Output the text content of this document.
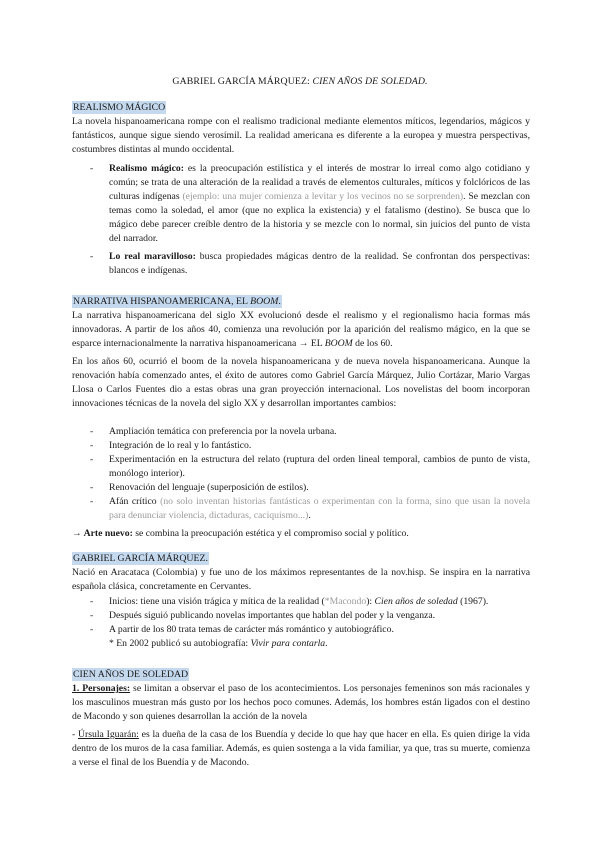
GABRIEL GARCÍA MÁRQUEZ: CIEN AÑOS DE SOLEDAD.
REALISMO MÁGICO
La novela hispanoamericana rompe con el realismo tradicional mediante elementos míticos, legendarios, mágicos y fantásticos, aunque sigue siendo verosímil. La realidad americana es diferente a la europea y muestra perspectivas, costumbres distintas al mundo occidental.
- Realismo mágico: es la preocupación estilística y el interés de mostrar lo irreal como algo cotidiano y común; se trata de una alteración de la realidad a través de elementos culturales, míticos y folclóricos de las culturas indígenas (ejemplo: una mujer comienza a levitar y los vecinos no se sorprenden). Se mezclan con temas como la soledad, el amor (que no explica la existencia) y el fatalismo (destino). Se busca que lo mágico debe parecer creíble dentro de la historia y se mezcle con lo normal, sin juicios del punto de vista del narrador.
- Lo real maravilloso: busca propiedades mágicas dentro de la realidad. Se confrontan dos perspectivas: blancos e indígenas.
NARRATIVA HISPANOAMERICANA, EL BOOM.
La narrativa hispanoamericana del siglo XX evolucionó desde el realismo y el regionalismo hacia formas más innovadoras. A partir de los años 40, comienza una revolución por la aparición del realismo mágico, en la que se esparce internacionalmente la narrativa hispanoamericana → EL BOOM de los 60.
En los años 60, ocurrió el boom de la novela hispanoamericana y de nueva novela hispanoamericana. Aunque la renovación había comenzado antes, el éxito de autores como Gabriel García Márquez, Julio Cortázar, Mario Vargas Llosa o Carlos Fuentes dio a estas obras una gran proyección internacional. Los novelistas del boom incorporan innovaciones técnicas de la novela del siglo XX y desarrollan importantes cambios:
- Ampliación temática con preferencia por la novela urbana.
- Integración de lo real y lo fantástico.
- Experimentación en la estructura del relato (ruptura del orden lineal temporal, cambios de punto de vista, monólogo interior).
- Renovación del lenguaje (superposición de estilos).
- Afán crítico (no solo inventan historias fantásticas o experimentan con la forma, sino que usan la novela para denunciar violencia, dictaduras, caciquismo...).
→ Arte nuevo: se combina la preocupación estética y el compromiso social y político.
GABRIEL GARCÍA MÁRQUEZ.
Nació en Aracataca (Colombia) y fue uno de los máximos representantes de la nov.hisp. Se inspira en la narrativa española clásica, concretamente en Cervantes.
- Inicios: tiene una visión trágica y mítica de la realidad (*Macondo): Cien años de soledad (1967).
- Después siguió publicando novelas importantes que hablan del poder y la venganza.
- A partir de los 80 trata temas de carácter más romántico y autobiográfico.
* En 2002 publicó su autobiografía: Vivir para contarla.
CIEN AÑOS DE SOLEDAD
1. Personajes: se limitan a observar el paso de los acontecimientos. Los personajes femeninos son más racionales y los masculinos muestran más gusto por los hechos poco comunes. Además, los hombres están ligados con el destino de Macondo y son quienes desarrollan la acción de la novela
- Úrsula Iguarán: es la dueña de la casa de los Buendía y decide lo que hay que hacer en ella. Es quien dirige la vida dentro de los muros de la casa familiar. Además, es quien sostenga a la vida familiar, ya que, tras su muerte, comienza a verse el final de los Buendía y de Macondo.
